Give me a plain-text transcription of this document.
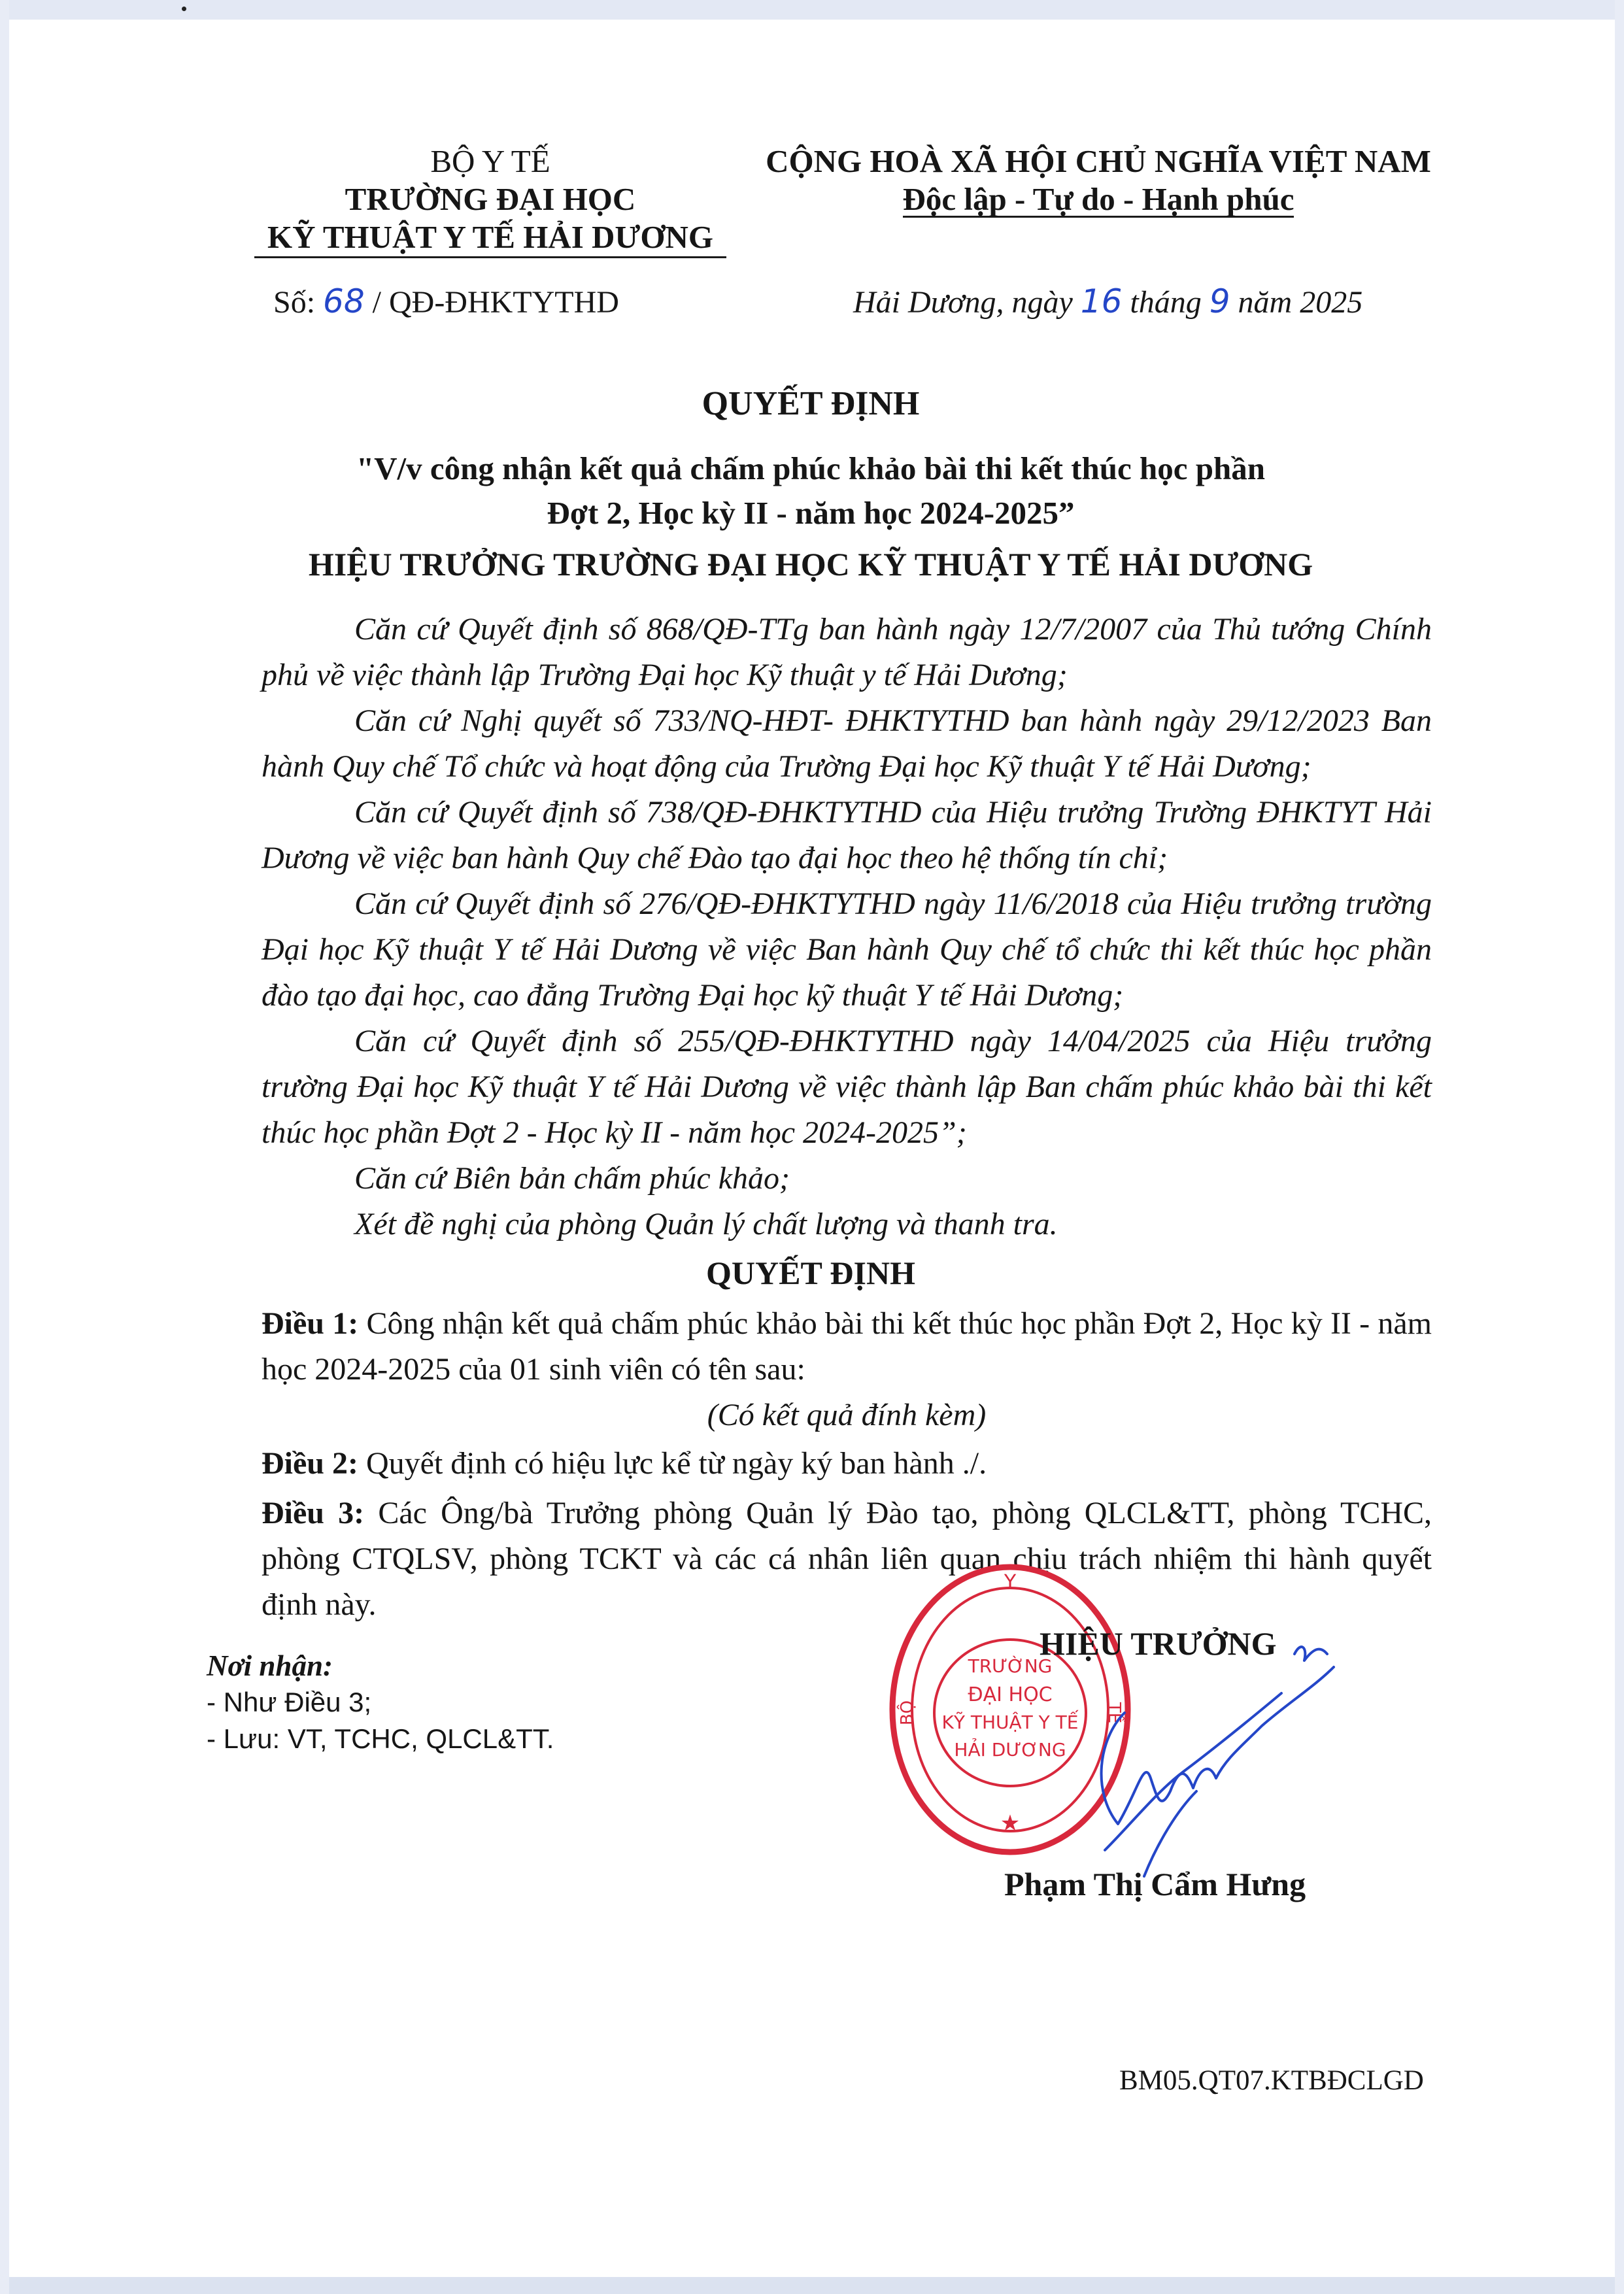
BỘ Y TẾ
TRƯỜNG ĐẠI HỌC
KỸ THUẬT Y TẾ HẢI DƯƠNG
CỘNG HOÀ XÃ HỘI CHỦ NGHĨA VIỆT NAM
Độc lập - Tự do - Hạnh phúc
Số: 68 / QĐ-ĐHKTYTHD	Hải Dương, ngày 16 tháng 9 năm 2025
QUYẾT ĐỊNH
"V/v công nhận kết quả chấm phúc khảo bài thi kết thúc học phần
Đợt 2, Học kỳ II - năm học 2024-2025”
HIỆU TRƯỞNG TRƯỜNG ĐẠI HỌC KỸ THUẬT Y TẾ HẢI DƯƠNG

Căn cứ Quyết định số 868/QĐ-TTg ban hành ngày 12/7/2007 của Thủ tướng Chính phủ về việc thành lập Trường Đại học Kỹ thuật y tế Hải Dương;

Căn cứ Nghị quyết số 733/NQ-HĐT- ĐHKTYTHD ban hành ngày 29/12/2023 Ban hành Quy chế Tổ chức và hoạt động của Trường Đại học Kỹ thuật Y tế Hải Dương;

Căn cứ Quyết định số 738/QĐ-ĐHKTYTHD của Hiệu trưởng Trường ĐHKTYT Hải Dương về việc ban hành Quy chế Đào tạo đại học theo hệ thống tín chỉ;

Căn cứ Quyết định số 276/QĐ-ĐHKTYTHD ngày 11/6/2018 của Hiệu trưởng trường Đại học Kỹ thuật Y tế Hải Dương về việc Ban hành Quy chế tổ chức thi kết thúc học phần đào tạo đại học, cao đẳng Trường Đại học kỹ thuật Y tế Hải Dương;

Căn cứ Quyết định số 255/QĐ-ĐHKTYTHD ngày 14/04/2025 của Hiệu trưởng trường Đại học Kỹ thuật Y tế Hải Dương về việc thành lập Ban chấm phúc khảo bài thi kết thúc học phần Đợt 2 - Học kỳ II - năm học 2024-2025”;

Căn cứ Biên bản chấm phúc khảo;

Xét đề nghị của phòng Quản lý chất lượng và thanh tra.

QUYẾT ĐỊNH

Điều 1: Công nhận kết quả chấm phúc khảo bài thi kết thúc học phần Đợt 2, Học kỳ II - năm học 2024-2025 của 01 sinh viên có tên sau:

(Có kết quả đính kèm)

Điều 2: Quyết định có hiệu lực kể từ ngày ký ban hành ./.

Điều 3: Các Ông/bà Trưởng phòng Quản lý Đào tạo, phòng QLCL&TT, phòng TCHC, phòng CTQLSV, phòng TCKT và các cá nhân liên quan chịu trách nhiệm thi hành quyết định này.

Nơi nhận:
- Như Điều 3;
- Lưu: VT, TCHC, QLCL&TT.
Y
BỘ	TẾ
TRƯỜNG
ĐẠI HỌC
KỸ THUẬT Y TẾ
HẢI DƯƠNG
★
HIỆU TRƯỞNG
Phạm Thị Cẩm Hưng
BM05.QT07.KTBĐCLGD
